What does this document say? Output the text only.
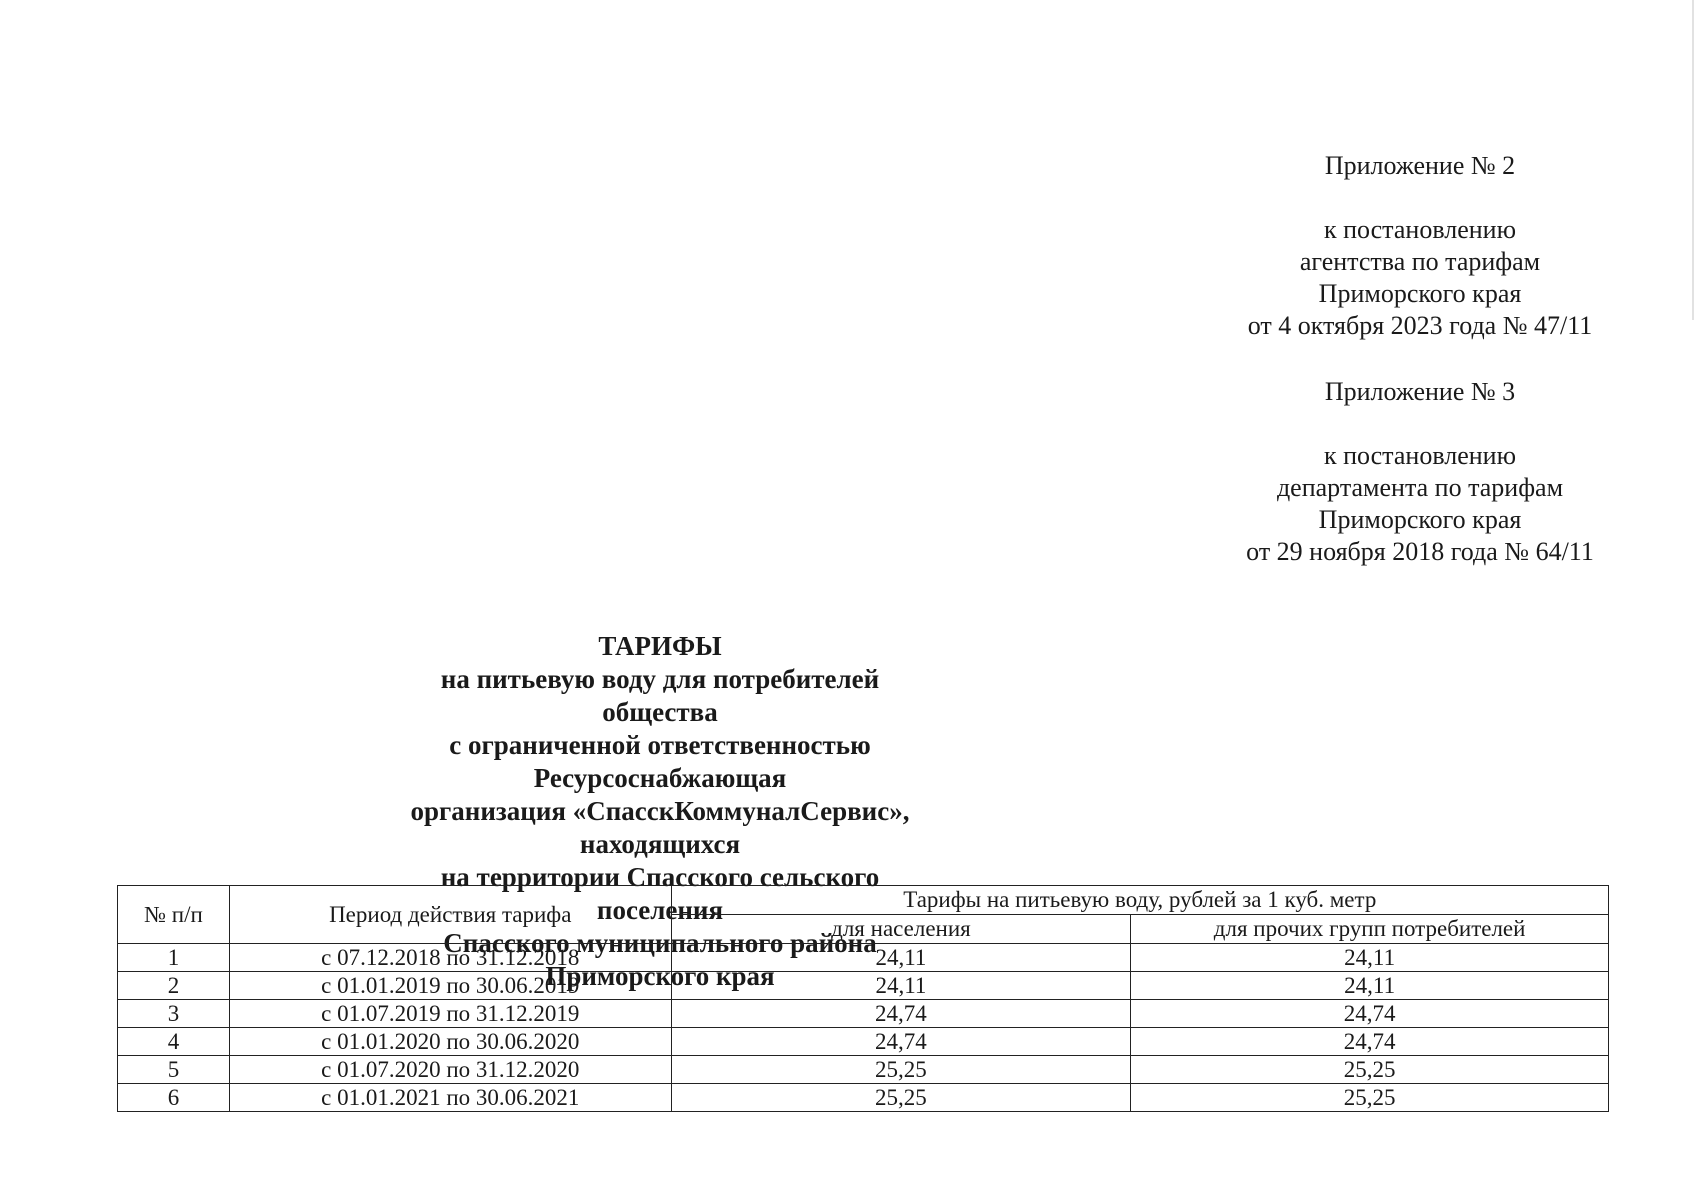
Приложение № 2

к постановлению

агентства по тарифам

Приморского края

от 4 октября 2023 года № 47/11

Приложение № 3

к постановлению

департамента по тарифам

Приморского края

от 29 ноября 2018 года № 64/11

ТАРИФЫ

на питьевую воду для потребителей общества

с ограниченной ответственностью Ресурсоснабжающая

организация «СпасскКоммуналСервис», находящихся

на территории Спасского сельского поселения

Спасского муниципального района Приморского края

№ п/п	Период действия тарифа	Тарифы на питьевую воду, рублей за 1 куб. метр	
		для населения	для прочих групп потребителей
1	с 07.12.2018 по 31.12.2018	24,11	24,11
2	с 01.01.2019 по 30.06.2019	24,11	24,11
3	с 01.07.2019 по 31.12.2019	24,74	24,74
4	с 01.01.2020 по 30.06.2020	24,74	24,74
5	с 01.07.2020 по 31.12.2020	25,25	25,25
6	с 01.01.2021 по 30.06.2021	25,25	25,25
